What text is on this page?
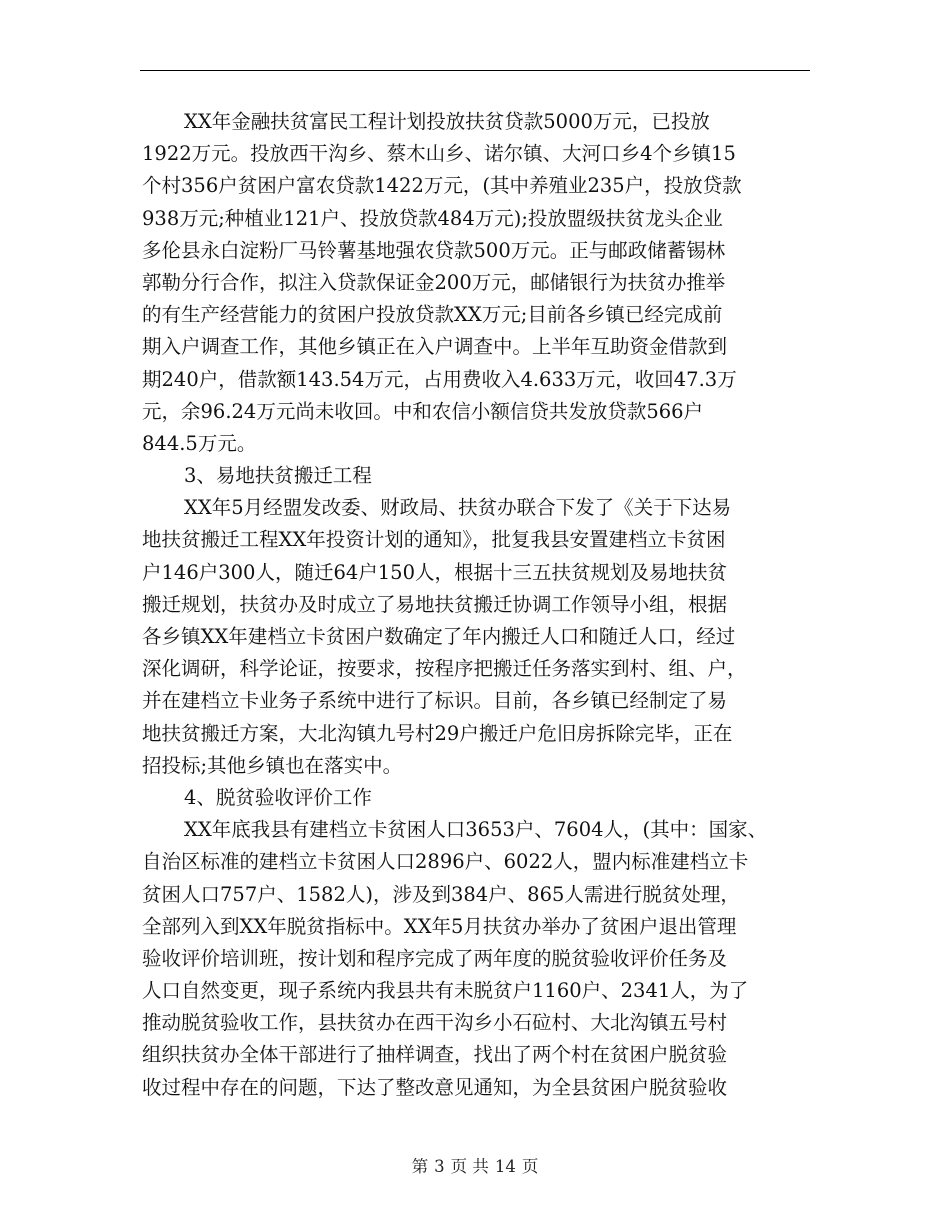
XX年金融扶贫富民工程计划投放扶贫贷款5000万元，已投放
1922万元。投放西干沟乡、蔡木山乡、诺尔镇、大河口乡4个乡镇15
个村356户贫困户富农贷款1422万元，(其中养殖业235户，投放贷款
938万元;种植业121户、投放贷款484万元);投放盟级扶贫龙头企业
多伦县永白淀粉厂马铃薯基地强农贷款500万元。正与邮政储蓄锡林
郭勒分行合作，拟注入贷款保证金200万元，邮储银行为扶贫办推举
的有生产经营能力的贫困户投放贷款XX万元;目前各乡镇已经完成前
期入户调查工作，其他乡镇正在入户调查中。上半年互助资金借款到
期240户，借款额143.54万元，占用费收入4.633万元，收回47.3万
元，余96.24万元尚未收回。中和农信小额信贷共发放贷款566户
844.5万元。
3、易地扶贫搬迁工程
XX年5月经盟发改委、财政局、扶贫办联合下发了《关于下达易
地扶贫搬迁工程XX年投资计划的通知》，批复我县安置建档立卡贫困
户146户300人，随迁64户150人，根据十三五扶贫规划及易地扶贫
搬迁规划，扶贫办及时成立了易地扶贫搬迁协调工作领导小组，根据
各乡镇XX年建档立卡贫困户数确定了年内搬迁人口和随迁人口，经过
深化调研，科学论证，按要求，按程序把搬迁任务落实到村、组、户，
并在建档立卡业务子系统中进行了标识。目前，各乡镇已经制定了易
地扶贫搬迁方案，大北沟镇九号村29户搬迁户危旧房拆除完毕，正在
招投标;其他乡镇也在落实中。
4、脱贫验收评价工作
XX年底我县有建档立卡贫困人口3653户、7604人，(其中：国家、
自治区标准的建档立卡贫困人口2896户、6022人，盟内标准建档立卡
贫困人口757户、1582人)，涉及到384户、865人需进行脱贫处理，
全部列入到XX年脱贫指标中。XX年5月扶贫办举办了贫困户退出管理
验收评价培训班，按计划和程序完成了两年度的脱贫验收评价任务及
人口自然变更，现子系统内我县共有未脱贫户1160户、2341人，为了
推动脱贫验收工作，县扶贫办在西干沟乡小石砬村、大北沟镇五号村
组织扶贫办全体干部进行了抽样调查，找出了两个村在贫困户脱贫验
收过程中存在的问题，下达了整改意见通知，为全县贫困户脱贫验收
第 3 页 共 14 页
